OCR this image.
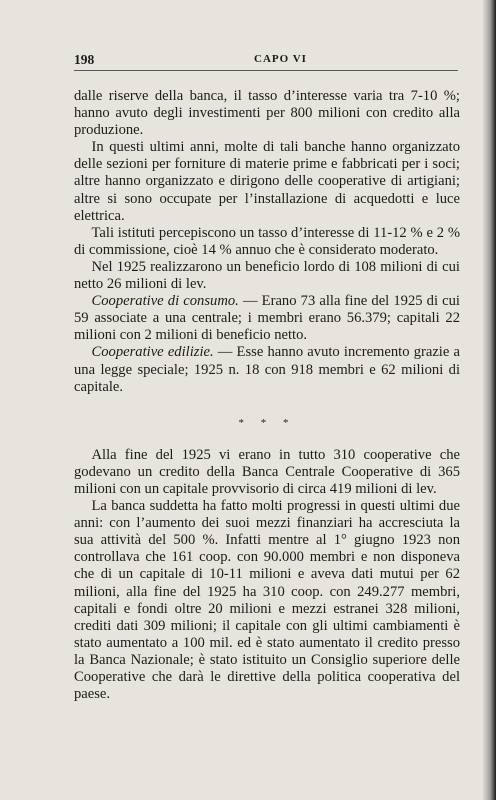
198	CAPO VI

dalle riserve della banca, il tasso d’interesse varia tra 7-10 %; hanno avuto degli investimenti per 800 milioni con credito alla produzione.

In questi ultimi anni, molte di tali banche hanno organizzato delle sezioni per forniture di materie prime e fabbricati per i soci; altre hanno organizzato e dirigono delle cooperative di artigiani; altre si sono occupate per l’installazione di acquedotti e luce elettrica.

Tali istituti percepiscono un tasso d’interesse di 11-12 % e 2 % di commissione, cioè 14 % annuo che è considerato moderato.

Nel 1925 realizzarono un beneficio lordo di 108 milioni di cui netto 26 milioni di lev.

Cooperative di consumo. — Erano 73 alla fine del 1925 di cui 59 associate a una centrale; i membri erano 56.379; capitali 22 milioni con 2 milioni di beneficio netto.

Cooperative edilizie. — Esse hanno avuto incremento grazie a una legge speciale; 1925 n. 18 con 918 membri e 62 milioni di capitale.

* * *

Alla fine del 1925 vi erano in tutto 310 cooperative che godevano un credito della Banca Centrale Cooperative di 365 milioni con un capitale provvisorio di circa 419 milioni di lev.

La banca suddetta ha fatto molti progressi in questi ultimi due anni: con l’aumento dei suoi mezzi finanziari ha accresciuta la sua attività del 500 %. Infatti mentre al 1° giugno 1923 non controllava che 161 coop. con 90.000 membri e non disponeva che di un capitale di 10-11 milioni e aveva dati mutui per 62 milioni, alla fine del 1925 ha 310 coop. con 249.277 membri, capitali e fondi oltre 20 milioni e mezzi estranei 328 milioni, crediti dati 309 milioni; il capitale con gli ultimi cambiamenti è stato aumentato a 100 mil. ed è stato aumentato il credito presso la Banca Nazionale; è stato istituito un Consiglio superiore delle Cooperative che darà le direttive della politica cooperativa del paese.
